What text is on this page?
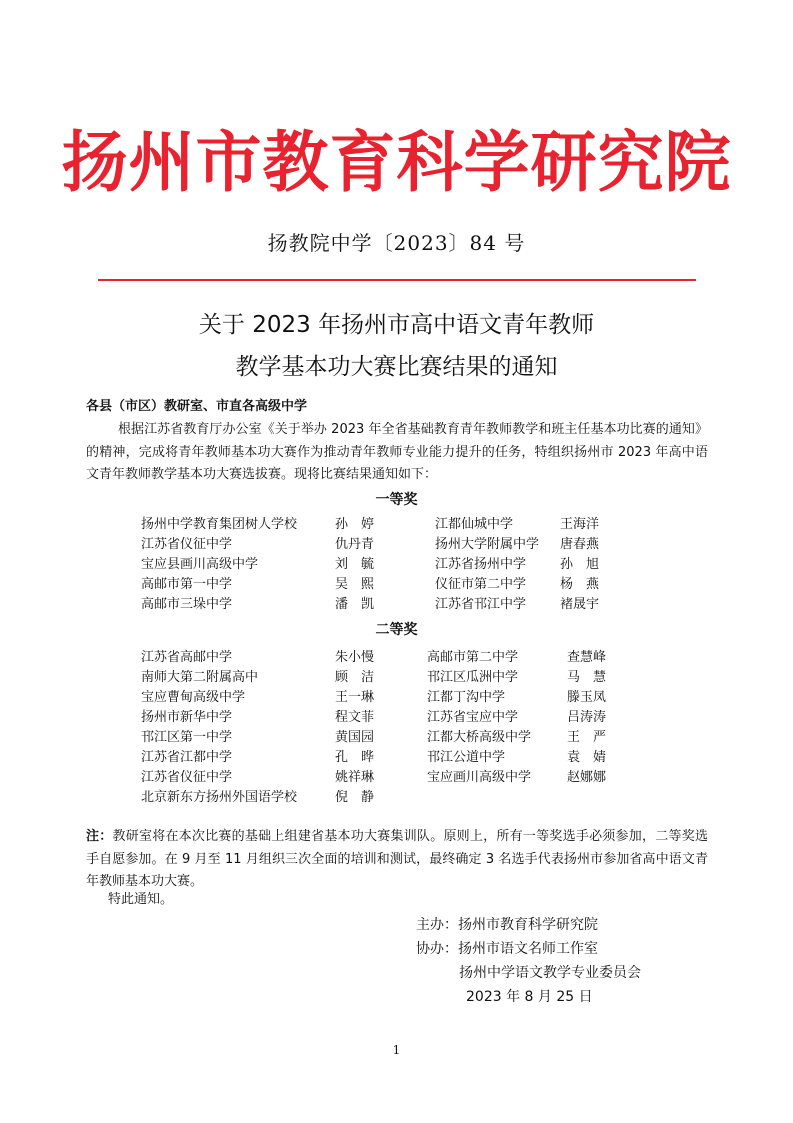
扬州市教育科学研究院
扬教院中学〔2023〕84 号
关于 2023 年扬州市高中语文青年教师
教学基本功大赛比赛结果的通知
各县（市区）教研室、市直各高级中学
根据江苏省教育厅办公室《关于举办 2023 年全省基础教育青年教师教学和班主任基本功比赛的通知》的精神，完成将青年教师基本功大赛作为推动青年教师专业能力提升的任务，特组织扬州市 2023 年高中语文青年教师教学基本功大赛选拔赛。现将比赛结果通知如下：
一等奖
扬州中学教育集团树人学校	孙　婷	江都仙城中学	王海洋
江苏省仪征中学	仇丹青	扬州大学附属中学 唐春燕
宝应县画川高级中学	刘　毓	江苏省扬州中学	孙　旭
高邮市第一中学	吴　熙	仪征市第二中学	杨　燕
高邮市三垛中学	潘　凯	江苏省邗江中学	褚晟宇
二等奖
江苏省高邮中学	朱小慢	高邮市第二中学	查慧峰
南师大第二附属高中	顾　洁	邗江区瓜洲中学	马　慧
宝应曹甸高级中学	王一琳	江都丁沟中学	滕玉凤
扬州市新华中学	程文菲	江苏省宝应中学	吕涛涛
邗江区第一中学	黄国园	江都大桥高级中学	王　严
江苏省江都中学	孔　晔	邗江公道中学	袁　婧
江苏省仪征中学	姚祥琳	宝应画川高级中学	赵娜娜
北京新东方扬州外国语学校	倪　静
注：教研室将在本次比赛的基础上组建省基本功大赛集训队。原则上，所有一等奖选手必须参加，二等奖选手自愿参加。在 9 月至 11 月组织三次全面的培训和测试，最终确定 3 名选手代表扬州市参加省高中语文青年教师基本功大赛。
特此通知。
主办：扬州市教育科学研究院
协办：扬州市语文名师工作室
扬州中学语文教学专业委员会
2023 年 8 月 25 日
1
